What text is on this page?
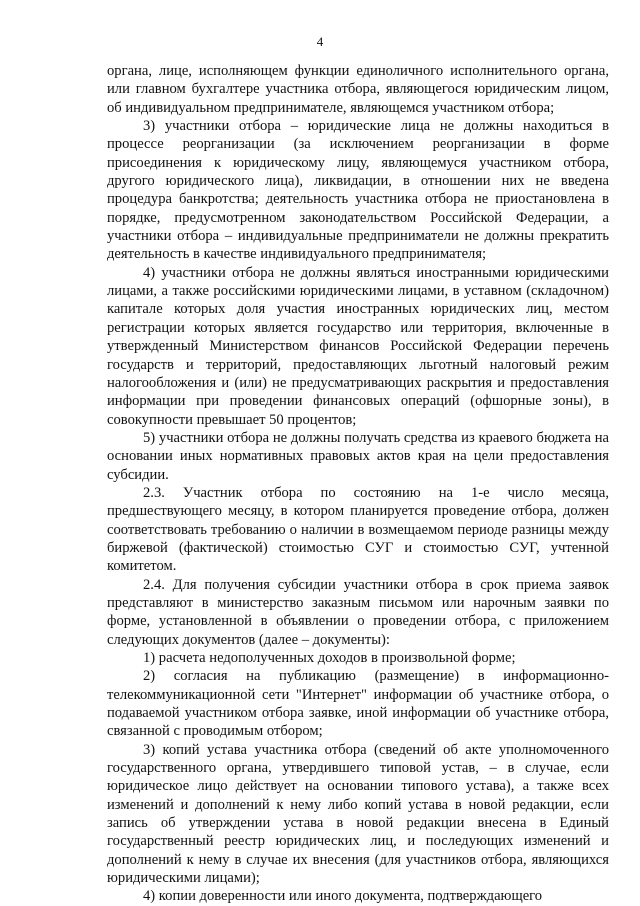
4

органа, лице, исполняющем функции единоличного исполнительного органа, или главном бухгалтере участника отбора, являющегося юридическим лицом, об индивидуальном предпринимателе, являющемся участником отбора;

3) участники отбора – юридические лица не должны находиться в процессе реорганизации (за исключением реорганизации в форме присоединения к юридическому лицу, являющемуся участником отбора, другого юридического лица), ликвидации, в отношении них не введена процедура банкротства; деятельность участника отбора не приостановлена в порядке, предусмотренном законодательством Российской Федерации, а участники отбора – индивидуальные предприниматели не должны прекратить деятельность в качестве индивидуального предпринимателя;

4) участники отбора не должны являться иностранными юридическими лицами, а также российскими юридическими лицами, в уставном (складочном) капитале которых доля участия иностранных юридических лиц, местом регистрации которых является государство или территория, включенные в утвержденный Министерством финансов Российской Федерации перечень государств и территорий, предоставляющих льготный налоговый режим налогообложения и (или) не предусматривающих раскрытия и предоставления информации при проведении финансовых операций (офшорные зоны), в совокупности превышает 50 процентов;

5) участники отбора не должны получать средства из краевого бюджета на основании иных нормативных правовых актов края на цели предоставления субсидии.

2.3. Участник отбора по состоянию на 1-е число месяца, предшествующего месяцу, в котором планируется проведение отбора, должен соответствовать требованию о наличии в возмещаемом периоде разницы между биржевой (фактической) стоимостью СУГ и стоимостью СУГ, учтенной комитетом.

2.4. Для получения субсидии участники отбора в срок приема заявок представляют в министерство заказным письмом или нарочным заявки по форме, установленной в объявлении о проведении отбора, с приложением следующих документов (далее – документы):

1) расчета недополученных доходов в произвольной форме;

2) согласия на публикацию (размещение) в информационно-телекоммуникационной сети "Интернет" информации об участнике отбора, о подаваемой участником отбора заявке, иной информации об участнике отбора, связанной с проводимым отбором;

3) копий устава участника отбора (сведений об акте уполномоченного государственного органа, утвердившего типовой устав, – в случае, если юридическое лицо действует на основании типового устава), а также всех изменений и дополнений к нему либо копий устава в новой редакции, если запись об утверждении устава в новой редакции внесена в Единый государственный реестр юридических лиц, и последующих изменений и дополнений к нему в случае их внесения (для участников отбора, являющихся юридическими лицами);

4) копии доверенности или иного документа, подтверждающего
